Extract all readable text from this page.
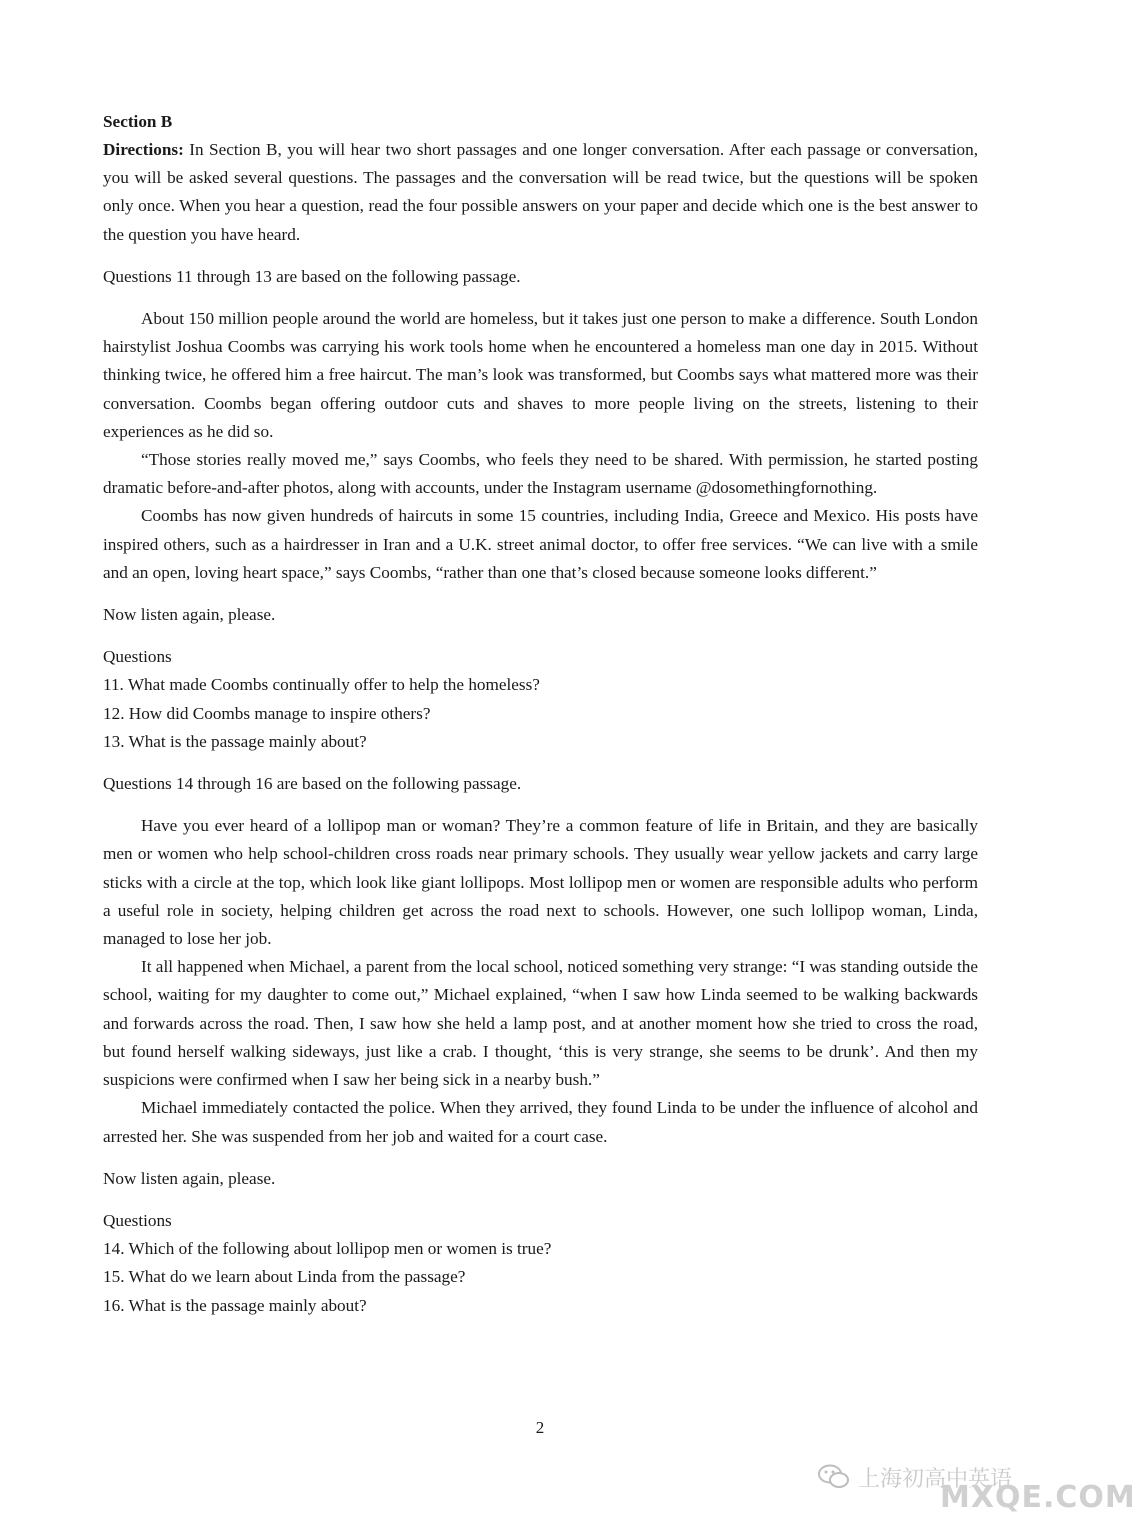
Section B

Directions: In Section B, you will hear two short passages and one longer conversation. After each passage or conversation, you will be asked several questions. The passages and the conversation will be read twice, but the questions will be spoken only once. When you hear a question, read the four possible answers on your paper and decide which one is the best answer to the question you have heard.

Questions 11 through 13 are based on the following passage.

About 150 million people around the world are homeless, but it takes just one person to make a difference. South London hairstylist Joshua Coombs was carrying his work tools home when he encountered a homeless man one day in 2015. Without thinking twice, he offered him a free haircut. The man’s look was transformed, but Coombs says what mattered more was their conversation. Coombs began offering outdoor cuts and shaves to more people living on the streets, listening to their experiences as he did so.

“Those stories really moved me,” says Coombs, who feels they need to be shared. With permission, he started posting dramatic before-and-after photos, along with accounts, under the Instagram username @dosomethingfornothing.

Coombs has now given hundreds of haircuts in some 15 countries, including India, Greece and Mexico. His posts have inspired others, such as a hairdresser in Iran and a U.K. street animal doctor, to offer free services. “We can live with a smile and an open, loving heart space,” says Coombs, “rather than one that’s closed because someone looks different.”

Now listen again, please.

Questions

11. What made Coombs continually offer to help the homeless?

12. How did Coombs manage to inspire others?

13. What is the passage mainly about?

Questions 14 through 16 are based on the following passage.

Have you ever heard of a lollipop man or woman? They’re a common feature of life in Britain, and they are basically men or women who help school-children cross roads near primary schools. They usually wear yellow jackets and carry large sticks with a circle at the top, which look like giant lollipops. Most lollipop men or women are responsible adults who perform a useful role in society, helping children get across the road next to schools. However, one such lollipop woman, Linda, managed to lose her job.

It all happened when Michael, a parent from the local school, noticed something very strange: “I was standing outside the school, waiting for my daughter to come out,” Michael explained, “when I saw how Linda seemed to be walking backwards and forwards across the road. Then, I saw how she held a lamp post, and at another moment how she tried to cross the road, but found herself walking sideways, just like a crab. I thought, ‘this is very strange, she seems to be drunk’. And then my suspicions were confirmed when I saw her being sick in a nearby bush.”

Michael immediately contacted the police. When they arrived, they found Linda to be under the influence of alcohol and arrested her. She was suspended from her job and waited for a court case.

Now listen again, please.

Questions

14. Which of the following about lollipop men or women is true?

15. What do we learn about Linda from the passage?

16. What is the passage mainly about?

2
上海初高中英语
MXQE.COM
